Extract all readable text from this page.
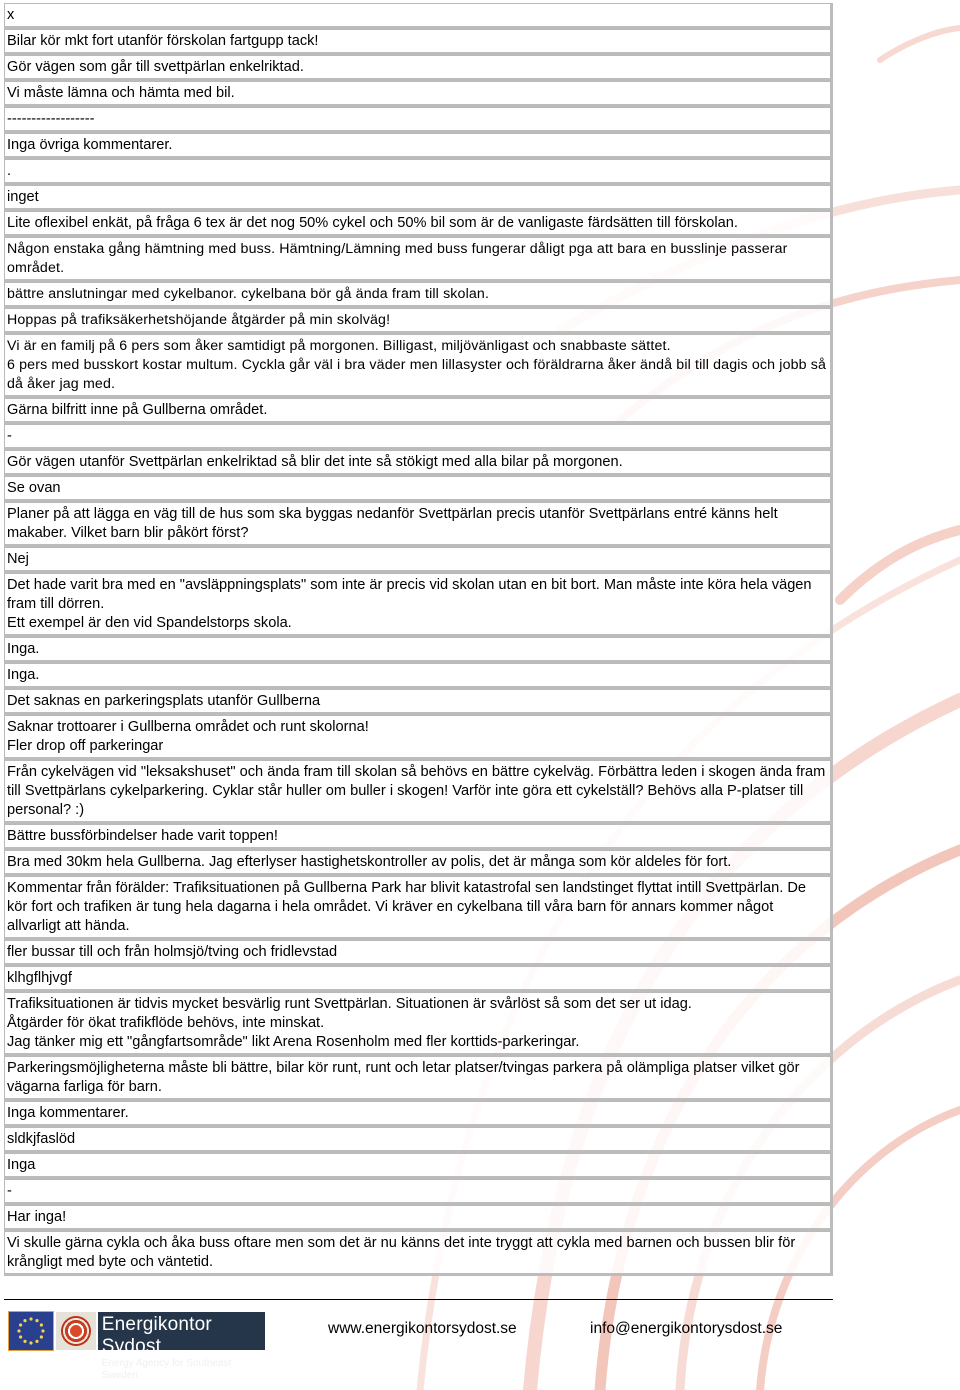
x
Bilar kör mkt fort utanför förskolan fartgupp tack!
Gör vägen som går till svettpärlan enkelriktad.
Vi måste lämna och hämta med bil.
------------------
Inga övriga kommentarer.
.
inget
Lite oflexibel enkät, på fråga 6 tex är det nog 50% cykel och 50% bil som är de vanligaste färdsätten till förskolan.
Någon enstaka gång hämtning med buss. Hämtning/Lämning med buss fungerar dåligt pga att bara en busslinje passerar området.
bättre anslutningar med cykelbanor. cykelbana bör gå ända fram till skolan.

Hoppas på trafiksäkerhetshöjande åtgärder på min skolväg!
Vi är en familj på 6 pers som åker samtidigt på morgonen. Billigast, miljövänligast och snabbaste sättet.
6 pers med busskort kostar multum. Cyckla går väl i bra väder men lillasyster och föräldrarna åker ändå bil till dagis och jobb så då åker jag med.
Gärna bilfritt inne på Gullberna området.
-
Gör vägen utanför Svettpärlan enkelriktad så blir det inte så stökigt med alla bilar på morgonen.
Se ovan
Planer på att lägga en väg till de hus som ska byggas nedanför Svettpärlan precis utanför Svettpärlans entré känns helt makaber. Vilket barn blir påkört först?
Nej
Det hade varit bra med en "avsläppningsplats" som inte är precis vid skolan utan en bit bort. Man måste inte köra hela vägen fram till dörren.
Ett exempel är den vid Spandelstorps skola.

Inga.
Inga.
Det saknas en parkeringsplats utanför Gullberna
Saknar trottoarer i Gullberna området och runt skolorna!
Fler drop off parkeringar
Från cykelvägen vid "leksakshuset" och ända fram till skolan så behövs en bättre cykelväg. Förbättra leden i skogen ända fram till Svettpärlans cykelparkering. Cyklar står huller om buller i skogen! Varför inte göra ett cykelställ? Behövs alla P-platser till personal? :)
Bättre bussförbindelser hade varit toppen!
Bra med 30km hela Gullberna. Jag efterlyser hastighetskontroller av polis, det är många som kör aldeles för fort.
Kommentar från förälder: Trafiksituationen på Gullberna Park har blivit katastrofal sen landstinget flyttat intill Svettpärlan. De kör fort och trafiken är tung hela dagarna i hela området. Vi kräver en cykelbana till våra barn för annars kommer något allvarligt att hända.
fler bussar till och från holmsjö/tving och fridlevstad
klhgflhjvgf
Trafiksituationen är tidvis mycket besvärlig runt Svettpärlan. Situationen är svårlöst så som det ser ut idag.
Åtgärder för ökat trafikflöde behövs, inte minskat.
Jag tänker mig ett "gångfartsområde" likt Arena Rosenholm med fler korttids-parkeringar.
Parkeringsmöjligheterna måste bli bättre, bilar kör runt, runt och letar platser/tvingas parkera på olämpliga platser vilket gör vägarna farliga för barn.
Inga kommentarer.
sldkjfaslöd
Inga
-
Har inga!
Vi skulle gärna cykla och åka buss oftare men som det är nu känns det inte tryggt att cykla med barnen och bussen blir för krångligt med byte och väntetid.
Energikontor Sydost
Energy Agency for Southeast Sweden
www.energikontorsydost.se	info@energikontorysdost.se
